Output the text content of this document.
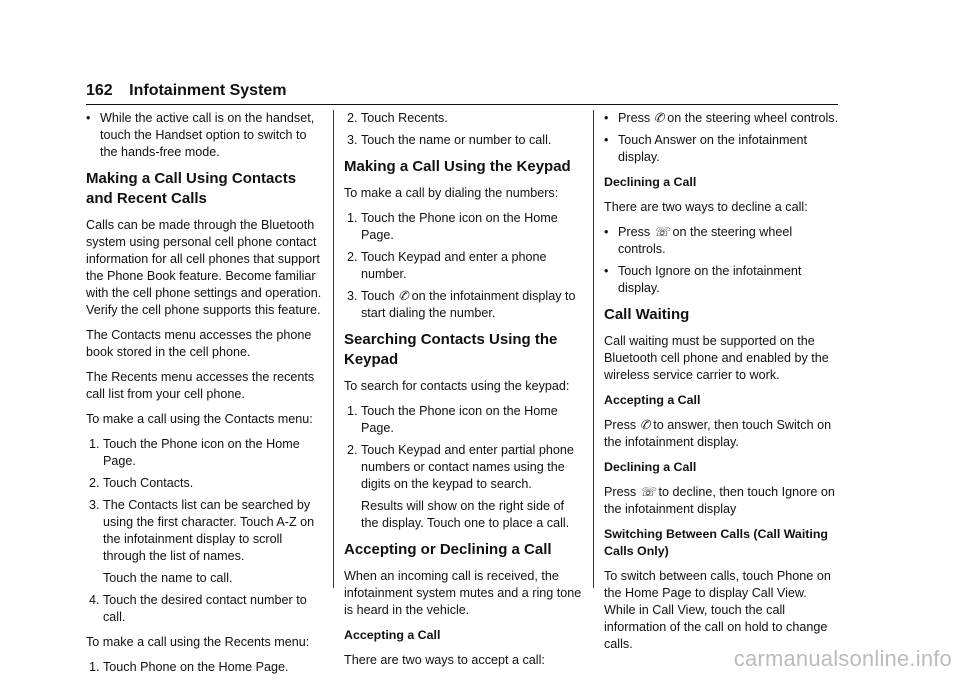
162 Infotainment System
• While the active call is on the handset, touch the Handset option to switch to the hands-free mode.
Making a Call Using Contacts and Recent Calls

Calls can be made through the Bluetooth system using personal cell phone contact information for all cell phones that support the Phone Book feature. Become familiar with the cell phone settings and operation. Verify the cell phone supports this feature.

The Contacts menu accesses the phone book stored in the cell phone.

The Recents menu accesses the recents call list from your cell phone.

To make a call using the Contacts menu:

1. Touch the Phone icon on the Home Page.
2. Touch Contacts.
3. The Contacts list can be searched by using the first character. Touch A-Z on the infotainment display to scroll through the list of names.
Touch the name to call.
4. Touch the desired contact number to call.

To make a call using the Recents menu:

1. Touch Phone on the Home Page.
2. Touch Recents.
3. Touch the name or number to call.
Making a Call Using the Keypad

To make a call by dialing the numbers:

1. Touch the Phone icon on the Home Page.
2. Touch Keypad and enter a phone number.
3. Touch ✆ on the infotainment display to start dialing the number.
Searching Contacts Using the Keypad

To search for contacts using the keypad:

1. Touch the Phone icon on the Home Page.
2. Touch Keypad and enter partial phone numbers or contact names using the digits on the keypad to search.
Results will show on the right side of the display. Touch one to place a call.
Accepting or Declining a Call

When an incoming call is received, the infotainment system mutes and a ring tone is heard in the vehicle.

Accepting a Call

There are two ways to accept a call:

• Press ✆ on the steering wheel controls.
• Touch Answer on the infotainment display.
Declining a Call

There are two ways to decline a call:

• Press ☏ on the steering wheel controls.
• Touch Ignore on the infotainment display.
Call Waiting

Call waiting must be supported on the Bluetooth cell phone and enabled by the wireless service carrier to work.

Accepting a Call

Press ✆ to answer, then touch Switch on the infotainment display.

Declining a Call

Press ☏ to decline, then touch Ignore on the infotainment display

Switching Between Calls (Call Waiting Calls Only)

To switch between calls, touch Phone on the Home Page to display Call View. While in Call View, touch the call information of the call on hold to change calls.

carmanualsonline.info
